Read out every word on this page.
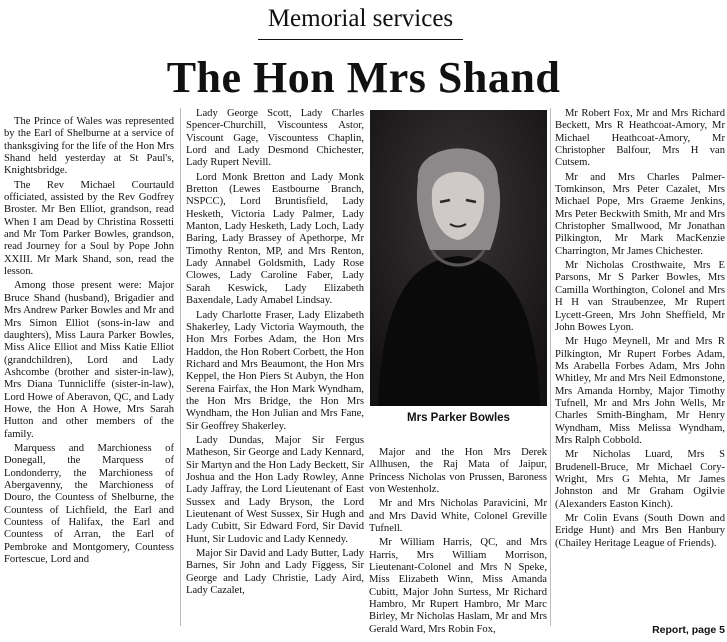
Memorial services
The Hon Mrs Shand

The Prince of Wales was represented by the Earl of Shelburne at a service of thanksgiving for the life of the Hon Mrs Shand held yesterday at St Paul's, Knightsbridge.

The Rev Michael Courtauld officiated, assisted by the Rev Godfrey Broster. Mr Ben Elliot, grandson, read When I am Dead by Christina Rossetti and Mr Tom Parker Bowles, grandson, read Journey for a Soul by Pope John XXIII. Mr Mark Shand, son, read the lesson.

Among those present were: Major Bruce Shand (husband), Brigadier and Mrs Andrew Parker Bowles and Mr and Mrs Simon Elliot (sons-in-law and daughters), Miss Laura Parker Bowles, Miss Alice Elliot and Miss Katie Elliot (grandchildren), Lord and Lady Ashcombe (brother and sister-in-law), Mrs Diana Tunnicliffe (sister-in-law), Lord Howe of Aberavon, QC, and Lady Howe, the Hon A Howe, Mrs Sarah Hutton and other members of the family.

Marquess and Marchioness of Donegall, the Marquess of Londonderry, the Marchioness of Abergavenny, the Marchioness of Douro, the Countess of Shelburne, the Countess of Lichfield, the Earl and Countess of Halifax, the Earl and Countess of Arran, the Earl of Pembroke and Montgomery, Countess Fortescue, Lord and

Lady George Scott, Lady Charles Spencer-Churchill, Viscountess Astor, Viscount Gage, Viscountess Chaplin, Lord and Lady Desmond Chichester, Lady Rupert Nevill.

Lord Monk Bretton and Lady Monk Bretton (Lewes Eastbourne Branch, NSPCC), Lord Bruntisfield, Lady Hesketh, Victoria Lady Palmer, Lady Manton, Lady Hesketh, Lady Loch, Lady Baring, Lady Brassey of Apethorpe, Mr Timothy Renton, MP, and Mrs Renton, Lady Annabel Goldsmith, Lady Rose Clowes, Lady Caroline Faber, Lady Sarah Keswick, Lady Elizabeth Baxendale, Lady Amabel Lindsay.

Lady Charlotte Fraser, Lady Elizabeth Shakerley, Lady Victoria Waymouth, the Hon Mrs Forbes Adam, the Hon Mrs Haddon, the Hon Robert Corbett, the Hon Richard and Mrs Beaumont, the Hon Mrs Keppel, the Hon Piers St Aubyn, the Hon Serena Fairfax, the Hon Mark Wyndham, the Hon Mrs Bridge, the Hon Mrs Wyndham, the Hon Julian and Mrs Fane, Sir Geoffrey Shakerley.

Lady Dundas, Major Sir Fergus Matheson, Sir George and Lady Kennard, Sir Martyn and the Hon Lady Beckett, Sir Joshua and the Hon Lady Rowley, Anne Lady Jaffray, the Lord Lieutenant of East Sussex and Lady Bryson, the Lord Lieutenant of West Sussex, Sir Hugh and Lady Cubitt, Sir Edward Ford, Sir David Hunt, Sir Ludovic and Lady Kennedy.

Major Sir David and Lady Butter, Lady Barnes, Sir John and Lady Figgess, Sir George and Lady Christie, Lady Aird, Lady Cazalet,

Mrs Parker Bowles

Major and the Hon Mrs Derek Allhusen, the Raj Mata of Jaipur, Princess Nicholas von Prussen, Baroness von Westenholz.

Mr and Mrs Nicholas Paravicini, Mr and Mrs David White, Colonel Greville Tufnell.

Mr William Harris, QC, and Mrs Harris, Mrs William Morrison, Lieutenant-Colonel and Mrs N Speke, Miss Elizabeth Winn, Miss Amanda Cubitt, Major John Surtess, Mr Richard Hambro, Mr Rupert Hambro, Mr Marc Birley, Mr Nicholas Haslam, Mr and Mrs Gerald Ward, Mrs Robin Fox,

Mr Robert Fox, Mr and Mrs Richard Beckett, Mrs R Heathcoat-Amory, Mr Michael Heathcoat-Amory, Mr Christopher Balfour, Mrs H van Cutsem.

Mr and Mrs Charles Palmer-Tomkinson, Mrs Peter Cazalet, Mrs Michael Pope, Mrs Graeme Jenkins, Mrs Peter Beckwith Smith, Mr and Mrs Christopher Smallwood, Mr Jonathan Pilkington, Mr Mark MacKenzie Charrington, Mr James Chichester.

Mr Nicholas Crosthwaite, Mrs E Parsons, Mr S Parker Bowles, Mrs Camilla Worthington, Colonel and Mrs H H van Straubenzee, Mr Rupert Lycett-Green, Mrs John Sheffield, Mr John Bowes Lyon.

Mr Hugo Meynell, Mr and Mrs R Pilkington, Mr Rupert Forbes Adam, Ms Arabella Forbes Adam, Mrs John Whitley, Mr and Mrs Neil Edmonstone, Mrs Amanda Hornby, Major Timothy Tufnell, Mr and Mrs John Wells, Mr Charles Smith-Bingham, Mr Henry Wyndham, Miss Melissa Wyndham, Mrs Ralph Cobbold.

Mr Nicholas Luard, Mrs S Brudenell-Bruce, Mr Michael Cory-Wright, Mrs G Mehta, Mr James Johnston and Mr Graham Ogilvie (Alexanders Easton Kinch).

Mr Colin Evans (South Down and Eridge Hunt) and Mrs Ben Hanbury (Chailey Heritage League of Friends).

Report, page 5
